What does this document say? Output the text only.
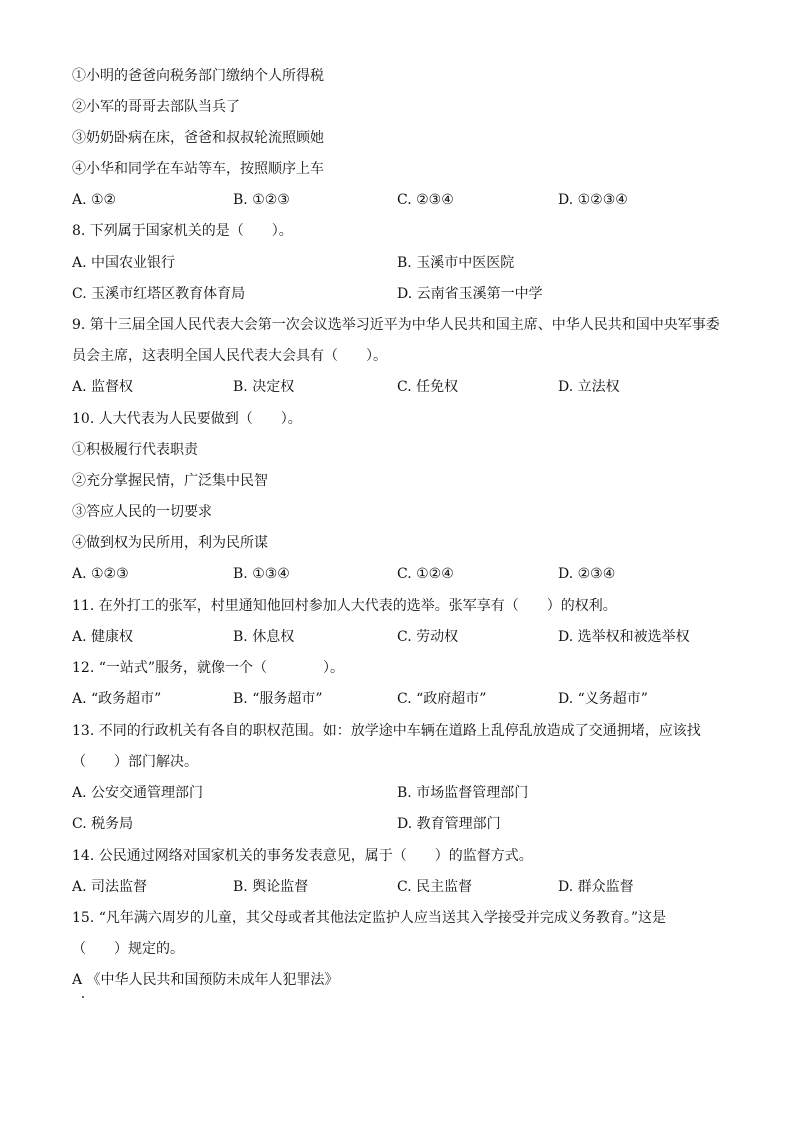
①小明的爸爸向税务部门缴纳个人所得税
②小军的哥哥去部队当兵了
③奶奶卧病在床，爸爸和叔叔轮流照顾她
④小华和同学在车站等车，按照顺序上车
A. ①②	B. ①②③	C. ②③④	D. ①②③④
8. 下列属于国家机关的是（　　）。
A. 中国农业银行	B. 玉溪市中医医院
C. 玉溪市红塔区教育体育局	D. 云南省玉溪第一中学
9. 第十三届全国人民代表大会第一次会议选举习近平为中华人民共和国主席、中华人民共和国中央军事委
员会主席，这表明全国人民代表大会具有（　　）。
A. 监督权	B. 决定权	C. 任免权	D. 立法权
10. 人大代表为人民要做到（　　）。
①积极履行代表职责
②充分掌握民情，广泛集中民智
③答应人民的一切要求
④做到权为民所用，利为民所谋
A. ①②③	B. ①③④	C. ①②④	D. ②③④
11. 在外打工的张军，村里通知他回村参加人大代表的选举。张军享有（　　）的权利。
A. 健康权	B. 休息权	C. 劳动权	D. 选举权和被选举权
12. “一站式”服务，就像一个（　　　　）。
A. “政务超市”	B. “服务超市”	C. “政府超市”	D. “义务超市”
13. 不同的行政机关有各自的职权范围。如：放学途中车辆在道路上乱停乱放造成了交通拥堵，应该找
（　　）部门解决。
A. 公安交通管理部门	B. 市场监督管理部门
C. 税务局	D. 教育管理部门
14. 公民通过网络对国家机关的事务发表意见，属于（　　）的监督方式。
A. 司法监督	B. 舆论监督	C. 民主监督	D. 群众监督
15. “凡年满六周岁的儿童，其父母或者其他法定监护人应当送其入学接受并完成义务教育。”这是
（　　）规定的。
A 《中华人民共和国预防未成年人犯罪法》
